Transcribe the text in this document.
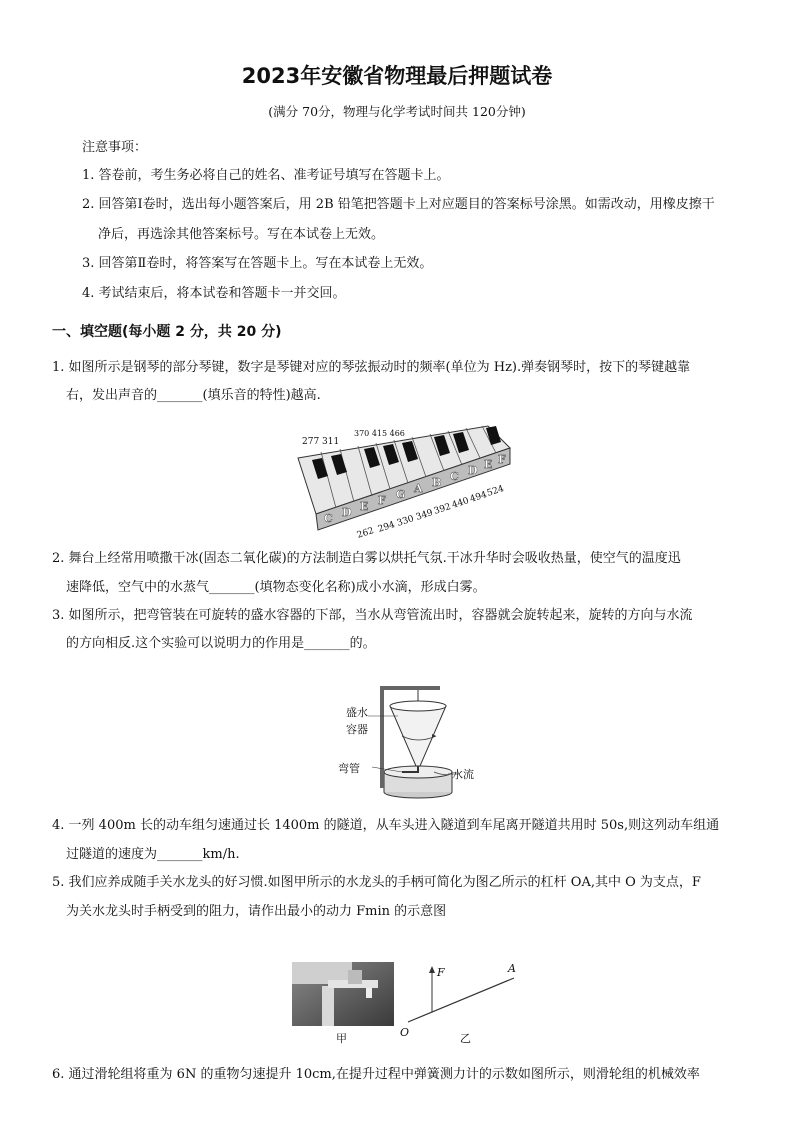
2023年安徽省物理最后押题试卷
(满分 70分，物理与化学考试时间共 120分钟)
注意事项：
1. 答卷前，考生务必将自己的姓名、准考证号填写在答题卡上。
2. 回答第Ⅰ卷时，选出每小题答案后，用 2B 铅笔把答题卡上对应题目的答案标号涂黑。如需改动，用橡皮擦干
净后，再选涂其他答案标号。写在本试卷上无效。
3. 回答第Ⅱ卷时，将答案写在答题卡上。写在本试卷上无效。
4. 考试结束后，将本试卷和答题卡一并交回。
一、填空题(每小题 2 分，共 20 分)
1. 如图所示是钢琴的部分琴键，数字是琴键对应的琴弦振动时的频率(单位为 Hz).弹奏钢琴时，按下的琴键越靠
右，发出声音的_______(填乐音的特性)越高.
C D E F G A B C D E F
277 311
370 415 466
262 294 330 349
392
440
494
524
2. 舞台上经常用喷撒干冰(固态二氧化碳)的方法制造白雾以烘托气氛.干冰升华时会吸收热量，使空气的温度迅
速降低，空气中的水蒸气_______(填物态变化名称)成小水滴，形成白雾。
3. 如图所示，把弯管装在可旋转的盛水容器的下部，当水从弯管流出时，容器就会旋转起来，旋转的方向与水流
的方向相反.这个实验可以说明力的作用是_______的。
盛水
容器
弯管	水流
4. 一列 400m 长的动车组匀速通过长 1400m 的隧道，从车头进入隧道到车尾离开隧道共用时 50s,则这列动车组通
过隧道的速度为_______km/h.
5. 我们应养成随手关水龙头的好习惯.如图甲所示的水龙头的手柄可简化为图乙所示的杠杆 OA,其中 O 为支点，F
为关水龙头时手柄受到的阻力，请作出最小的动力 Fmin 的示意图
甲	O
F	A
乙
6. 通过滑轮组将重为 6N 的重物匀速提升 10cm,在提升过程中弹簧测力计的示数如图所示，则滑轮组的机械效率
